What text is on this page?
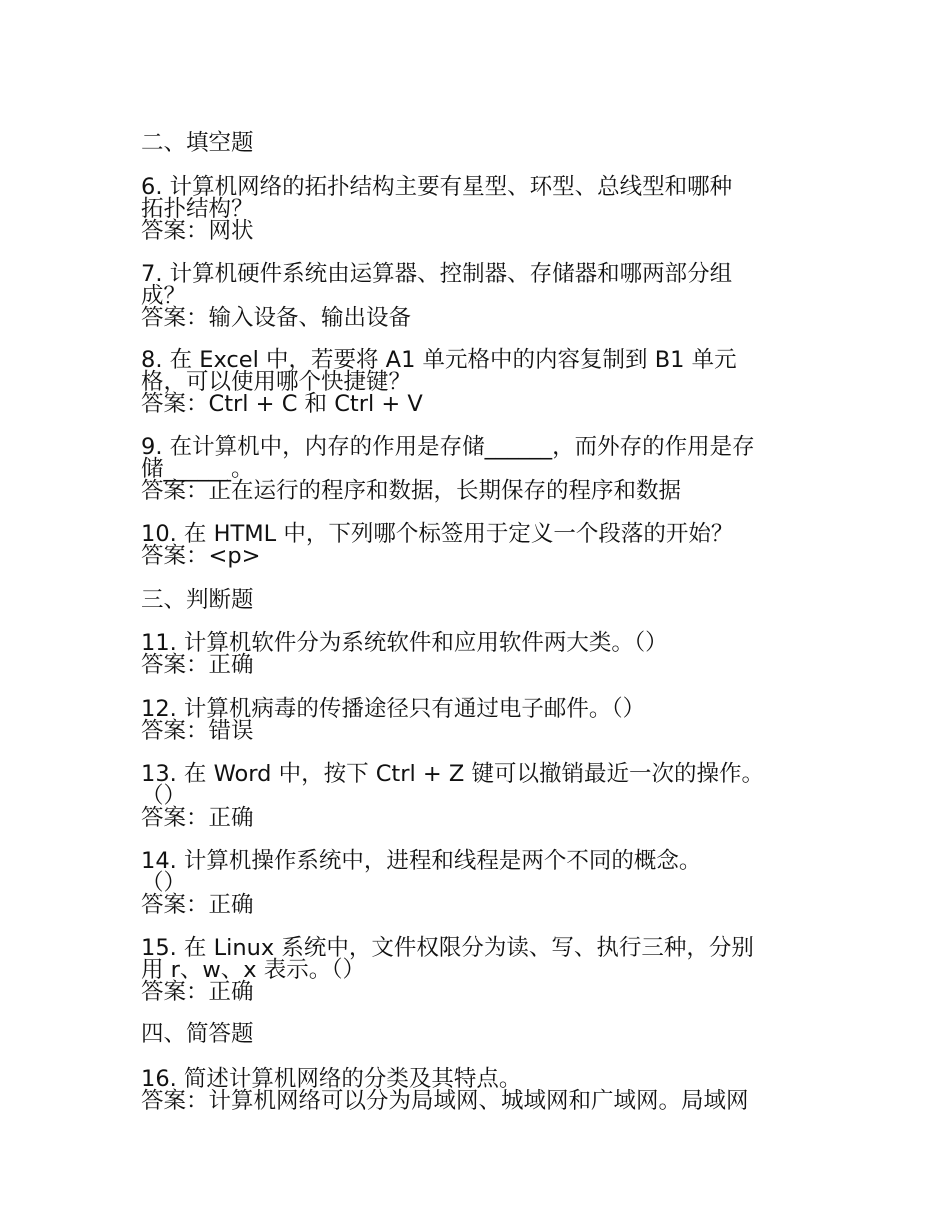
二、填空题
6. 计算机网络的拓扑结构主要有星型、环型、总线型和哪种
拓扑结构？
答案：网状
7. 计算机硬件系统由运算器、控制器、存储器和哪两部分组
成？
答案：输入设备、输出设备
8. 在 Excel 中，若要将 A1 单元格中的内容复制到 B1 单元
格，可以使用哪个快捷键？
答案：Ctrl + C 和 Ctrl + V
9. 在计算机中，内存的作用是存储______，而外存的作用是存
储______。
答案：正在运行的程序和数据，长期保存的程序和数据
10. 在 HTML 中，下列哪个标签用于定义一个段落的开始？
答案：<p>
三、判断题
11. 计算机软件分为系统软件和应用软件两大类。（）
答案：正确
12. 计算机病毒的传播途径只有通过电子邮件。（）
答案：错误
13. 在 Word 中，按下 Ctrl + Z 键可以撤销最近一次的操作。
（）
答案：正确
14. 计算机操作系统中，进程和线程是两个不同的概念。
（）
答案：正确
15. 在 Linux 系统中，文件权限分为读、写、执行三种，分别
用 r、w、x 表示。（）
答案：正确
四、简答题
16. 简述计算机网络的分类及其特点。
答案：计算机网络可以分为局域网、城域网和广域网。局域网
